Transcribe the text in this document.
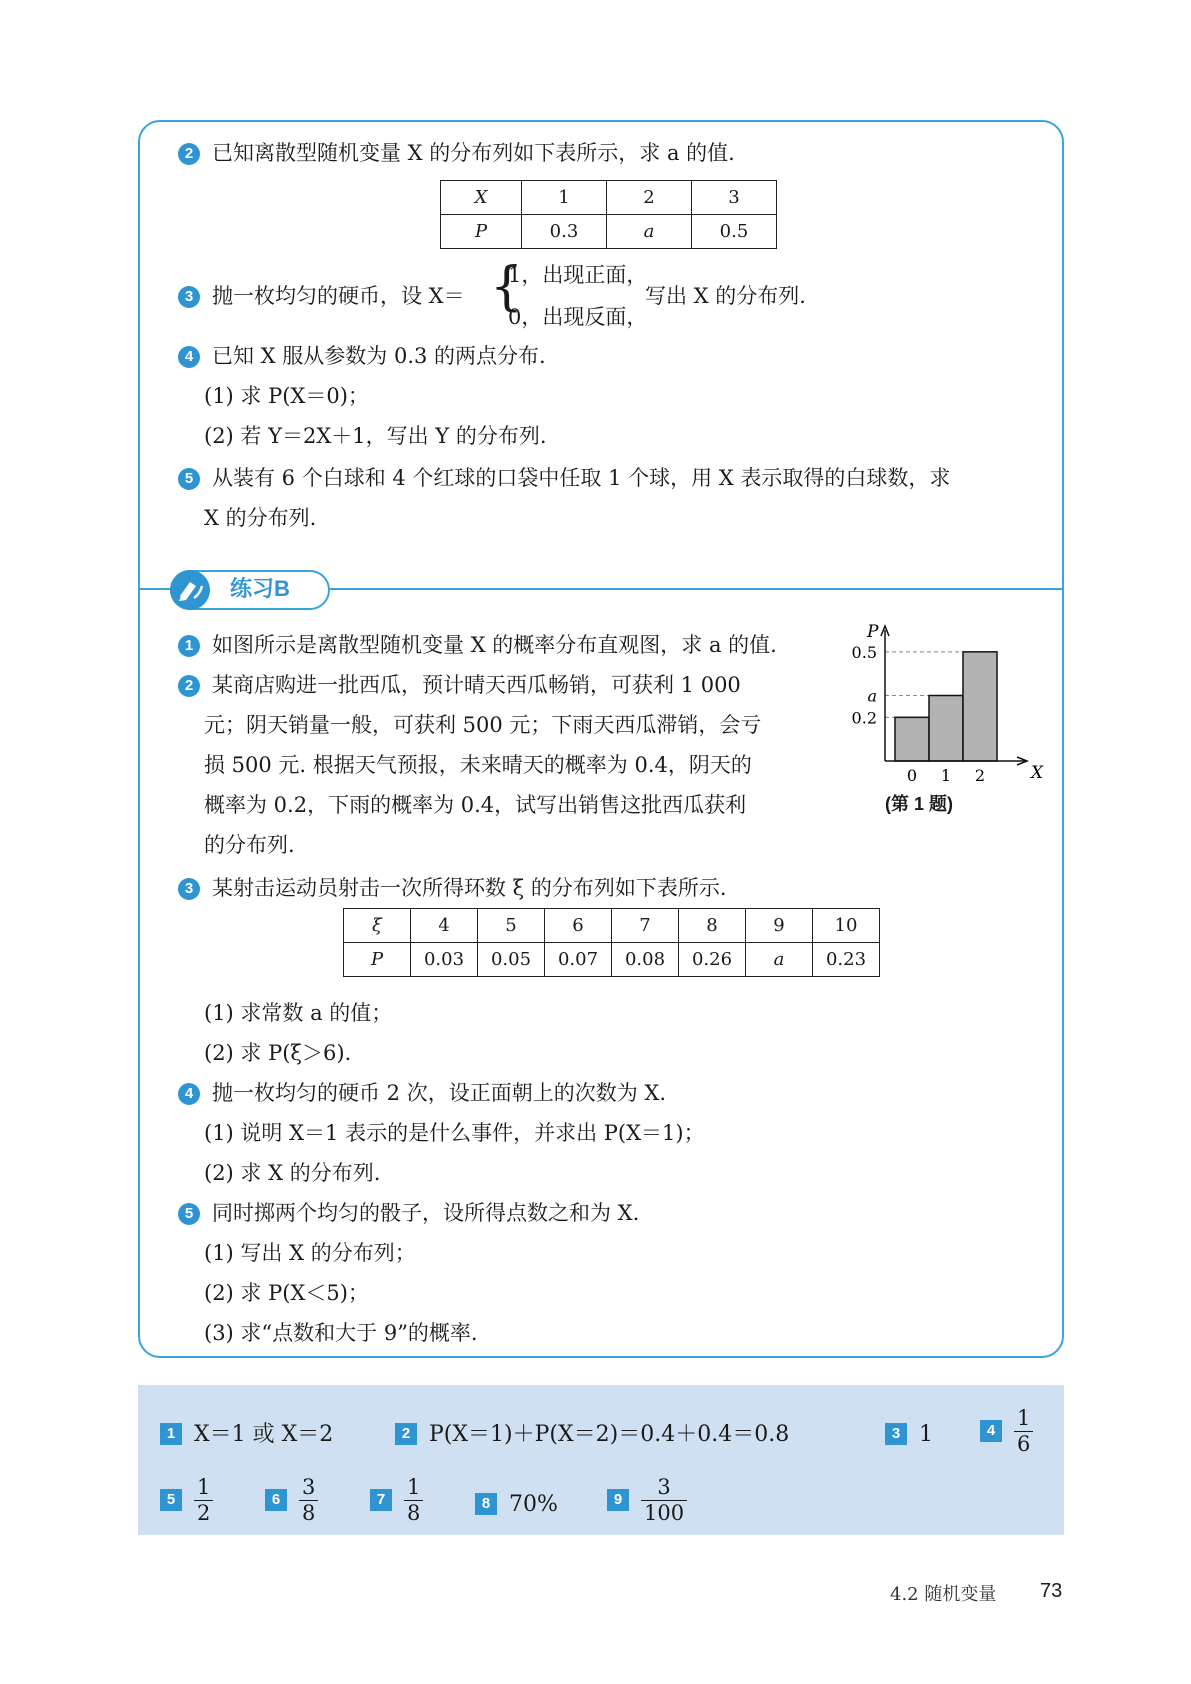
2 已知离散型随机变量 X 的分布列如下表所示，求 a 的值.
X	1	2	3
P	0.3	a	0.5
3 抛一枚均匀的硬币，设 X＝ {
1，出现正面，
0，出现反面，
写出 X 的分布列.
4 已知 X 服从参数为 0.3 的两点分布.
(1) 求 P(X＝0)；
(2) 若 Y＝2X＋1，写出 Y 的分布列.
5 从装有 6 个白球和 4 个红球的口袋中任取 1 个球，用 X 表示取得的白球数，求
X 的分布列.
练习B
1 如图所示是离散型随机变量 X 的概率分布直观图，求 a 的值.
P
X
0.2
a
0.5
0 1 2
(第 1 题)
2 某商店购进一批西瓜，预计晴天西瓜畅销，可获利 1 000
元；阴天销量一般，可获利 500 元；下雨天西瓜滞销，会亏
损 500 元. 根据天气预报，未来晴天的概率为 0.4，阴天的
概率为 0.2，下雨的概率为 0.4，试写出销售这批西瓜获利
的分布列.
3 某射击运动员射击一次所得环数 ξ 的分布列如下表所示.
ξ	4	5	6	7	8	9	10
P	0.03	0.05	0.07	0.08	0.26	a	0.23
(1) 求常数 a 的值；
(2) 求 P(ξ＞6).
4 抛一枚均匀的硬币 2 次，设正面朝上的次数为 X.
(1) 说明 X＝1 表示的是什么事件，并求出 P(X＝1)；
(2) 求 X 的分布列.
5 同时掷两个均匀的骰子，设所得点数之和为 X.
(1) 写出 X 的分布列；
(2) 求 P(X＜5)；
(3) 求“点数和大于 9”的概率.
1 X＝1 或 X＝2	2 P(X＝1)＋P(X＝2)＝0.4＋0.4＝0.8	3 1	$4 \frac{1}{6}$
$5 \frac{1}{2}$	$6 \frac{3}{8}$	$7 \frac{1}{8}$	8 70%	$9 \frac{3}{100}$
4.2 随机变量 73
